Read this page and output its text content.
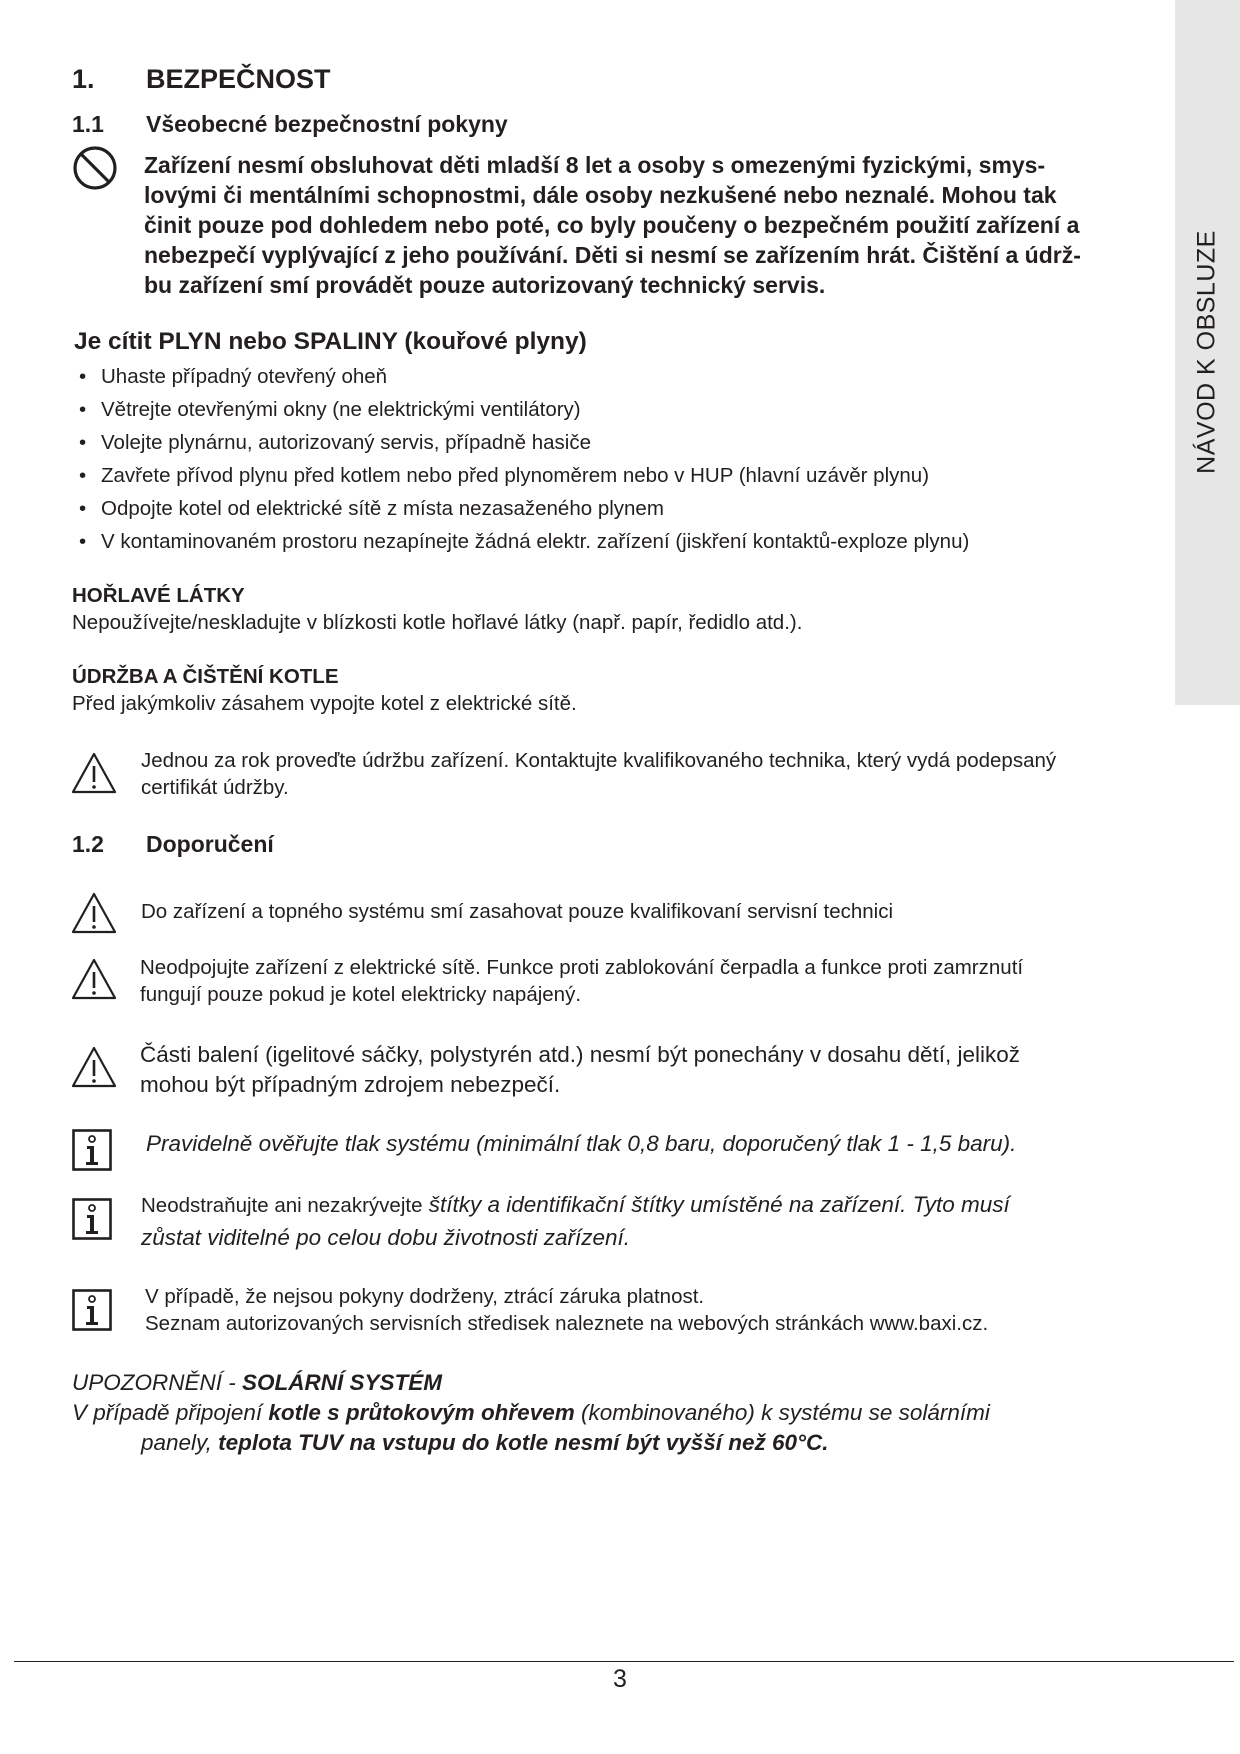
NÁVOD K OBSLUZE
1. BEZPEČNOST
1.1 Všeobecné bezpečnostní pokyny
Zařízení nesmí obsluhovat děti mladší 8 let a osoby s omezenými fyzickými, smys-
lovými či mentálními schopnostmi, dále osoby nezkušené nebo neznalé. Mohou tak
činit pouze pod dohledem nebo poté, co byly poučeny o bezpečném použití zařízení a
nebezpečí vyplývající z jeho používání. Děti si nesmí se zařízením hrát. Čištění a údrž-
bu zařízení smí provádět pouze autorizovaný technický servis.
Je cítit PLYN nebo SPALINY (kouřové plyny)
• Uhaste případný otevřený oheň
• Větrejte otevřenými okny (ne elektrickými ventilátory)
• Volejte plynárnu, autorizovaný servis, případně hasiče
• Zavřete přívod plynu před kotlem nebo před plynoměrem nebo v HUP (hlavní uzávěr plynu)
• Odpojte kotel od elektrické sítě z místa nezasaženého plynem
• V kontaminovaném prostoru nezapínejte žádná elektr. zařízení (jiskření kontaktů-exploze plynu)
HOŘLAVÉ LÁTKY
Nepoužívejte/neskladujte v blízkosti kotle hořlavé látky (např. papír, ředidlo atd.).
ÚDRŽBA A ČIŠTĚNÍ KOTLE
Před jakýmkoliv zásahem vypojte kotel z elektrické sítě.
Jednou za rok proveďte údržbu zařízení. Kontaktujte kvalifikovaného technika, který vydá podepsaný
certifikát údržby.
1.2 Doporučení
Do zařízení a topného systému smí zasahovat pouze kvalifikovaní servisní technici
Neodpojujte zařízení z elektrické sítě. Funkce proti zablokování čerpadla a funkce proti zamrznutí
fungují pouze pokud je kotel elektricky napájený.
Části balení (igelitové sáčky, polystyrén atd.) nesmí být ponechány v dosahu dětí, jelikož
mohou být případným zdrojem nebezpečí.
Pravidelně ověřujte tlak systému (minimální tlak 0,8 baru, doporučený tlak 1 - 1,5 baru).
Neodstraňujte ani nezakrývejte štítky a identifikační štítky umístěné na zařízení. Tyto musí
zůstat viditelné po celou dobu životnosti zařízení.
V případě, že nejsou pokyny dodrženy, ztrácí záruka platnost.
Seznam autorizovaných servisních středisek naleznete na webových stránkách www.baxi.cz.
UPOZORNĚNÍ - SOLÁRNÍ SYSTÉM
V případě připojení kotle s průtokovým ohřevem (kombinovaného) k systému se solárními
panely, teplota TUV na vstupu do kotle nesmí být vyšší než 60°C.
3
